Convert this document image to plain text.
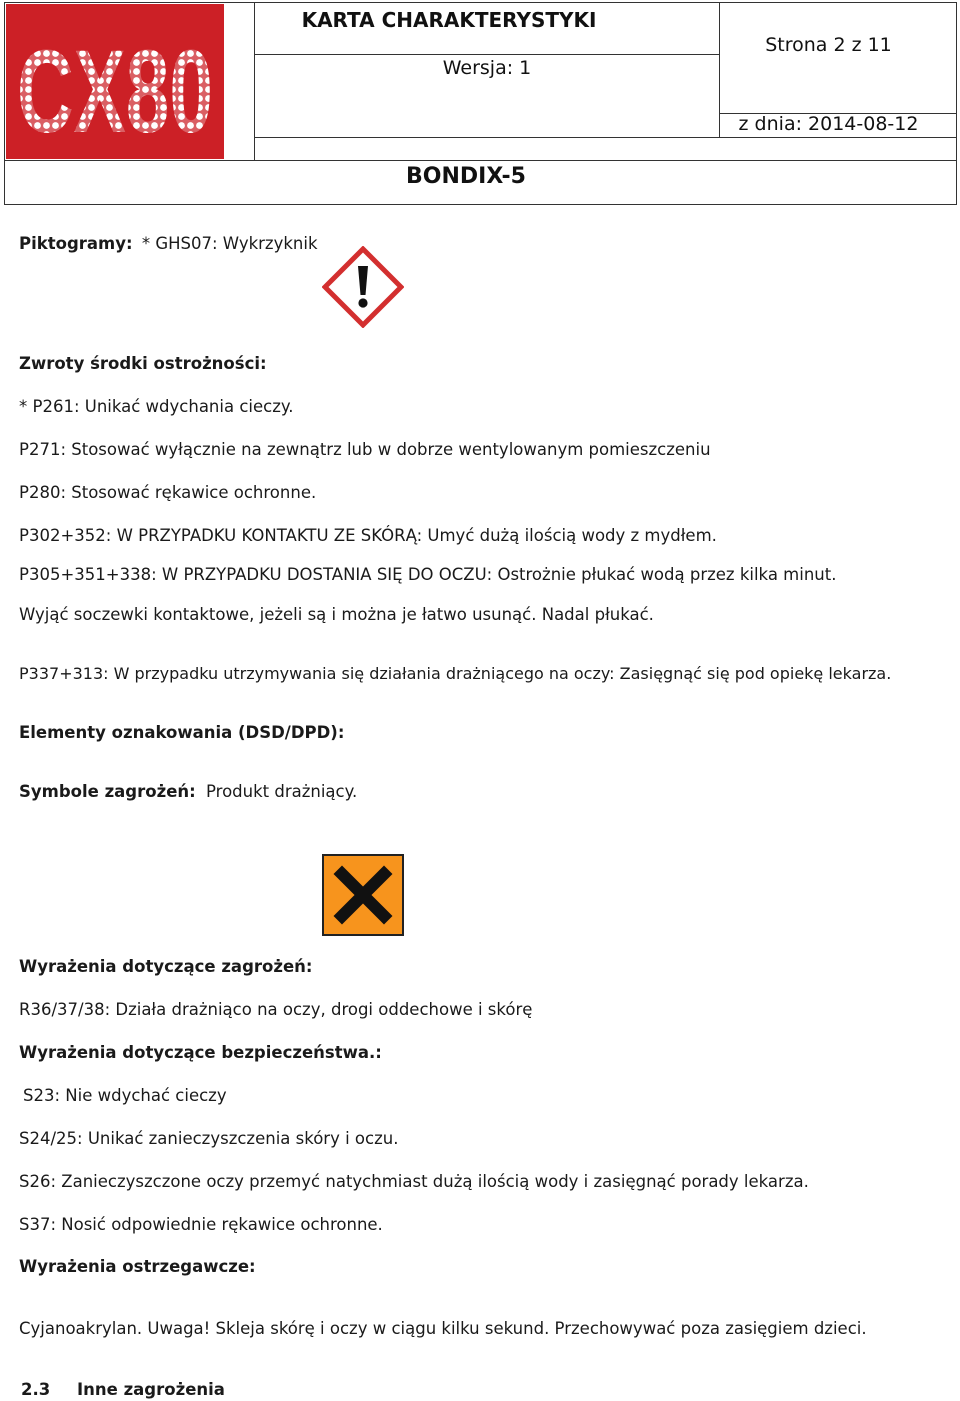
KARTA CHARAKTERYSTYKI
Wersja: 1
Strona 2 z 11
z dnia: 2014-08-12
BONDIX-5
Piktogramy: * GHS07: Wykrzyknik
Zwroty środki ostrożności:
* P261: Unikać wdychania cieczy.
P271: Stosować wyłącznie na zewnątrz lub w dobrze wentylowanym pomieszczeniu
P280: Stosować rękawice ochronne.
P302+352: W PRZYPADKU KONTAKTU ZE SKÓRĄ: Umyć dużą ilością wody z mydłem.
P305+351+338: W PRZYPADKU DOSTANIA SIĘ DO OCZU: Ostrożnie płukać wodą przez kilka minut.
Wyjąć soczewki kontaktowe, jeżeli są i można je łatwo usunąć. Nadal płukać.
P337+313: W przypadku utrzymywania się działania drażniącego na oczy: Zasięgnąć się pod opiekę lekarza.
Elementy oznakowania (DSD/DPD):
Symbole zagrożeń: Produkt drażniący.
Wyrażenia dotyczące zagrożeń:
R36/37/38: Działa drażniąco na oczy, drogi oddechowe i skórę
Wyrażenia dotyczące bezpieczeństwa.:
S23: Nie wdychać cieczy
S24/25: Unikać zanieczyszczenia skóry i oczu.
S26: Zanieczyszczone oczy przemyć natychmiast dużą ilością wody i zasięgnąć porady lekarza.
S37: Nosić odpowiednie rękawice ochronne.
Wyrażenia ostrzegawcze:
Cyjanoakrylan. Uwaga! Skleja skórę i oczy w ciągu kilku sekund. Przechowywać poza zasięgiem dzieci.
2.3 Inne zagrożenia
